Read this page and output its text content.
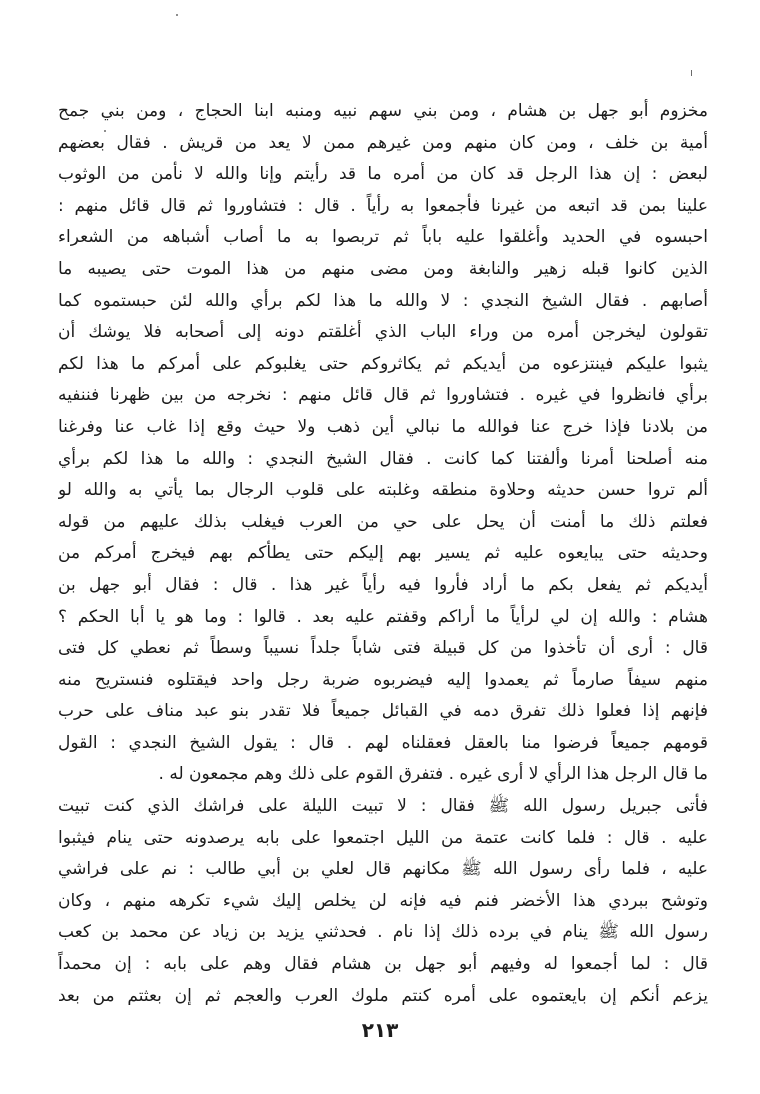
مخزوم أبو جهل بن هشام ، ومن بني سهم نبيه ومنبه ابنا الحجاج ، ومن بني جمح
أمية بن خلف ، ومن كان منهم ومن غيرهم ممن لا يعد من قريش . فقال بعضهم
لبعض : إن هذا الرجل قد كان من أمره ما قد رأيتم وإنا والله لا نأمن من الوثوب
علينا بمن قد اتبعه من غيرنا فأجمعوا به رأياً . قال : فتشاوروا ثم قال قائل منهم :
احبسوه في الحديد وأغلقوا عليه باباً ثم تربصوا به ما أصاب أشباهه من الشعراء
الذين كانوا قبله زهير والنابغة ومن مضى منهم من هذا الموت حتى يصيبه ما
أصابهم . فقال الشيخ النجدي : لا والله ما هذا لكم برأي والله لئن حبستموه كما
تقولون ليخرجن أمره من وراء الباب الذي أغلقتم دونه إلى أصحابه فلا يوشك أن
يثبوا عليكم فينتزعوه من أيديكم ثم يكاثروكم حتى يغلبوكم على أمركم ما هذا لكم
برأي فانظروا في غيره . فتشاوروا ثم قال قائل منهم : نخرجه من بين ظهرنا فننفيه
من بلادنا فإذا خرج عنا فوالله ما نبالي أين ذهب ولا حيث وقع إذا غاب عنا وفرغنا
منه أصلحنا أمرنا وألفتنا كما كانت . فقال الشيخ النجدي : والله ما هذا لكم برأي
ألم تروا حسن حديثه وحلاوة منطقه وغلبته على قلوب الرجال بما يأتي به والله لو
فعلتم ذلك ما أمنت أن يحل على حي من العرب فيغلب بذلك عليهم من قوله
وحديثه حتى يبايعوه عليه ثم يسير بهم إليكم حتى يطأكم بهم فيخرج أمركم من
أيديكم ثم يفعل بكم ما أراد فأروا فيه رأياً غير هذا . قال : فقال أبو جهل بن
هشام : والله إن لي لرأياً ما أراكم وقفتم عليه بعد . قالوا : وما هو يا أبا الحكم ؟
قال : أرى أن تأخذوا من كل قبيلة فتى شاباً جلداً نسيباً وسطاً ثم نعطي كل فتى
منهم سيفاً صارماً ثم يعمدوا إليه فيضربوه ضربة رجل واحد فيقتلوه فنستريح منه
فإنهم إذا فعلوا ذلك تفرق دمه في القبائل جميعاً فلا تقدر بنو عبد مناف على حرب
قومهم جميعاً فرضوا منا بالعقل فعقلناه لهم . قال : يقول الشيخ النجدي : القول
ما قال الرجل هذا الرأي لا أرى غيره . فتفرق القوم على ذلك وهم مجمعون له .
فأتى جبريل رسول الله ﷺ فقال : لا تبيت الليلة على فراشك الذي كنت تبيت
عليه . قال : فلما كانت عتمة من الليل اجتمعوا على بابه يرصدونه حتى ينام فيثبوا
عليه ، فلما رأى رسول الله ﷺ مكانهم قال لعلي بن أبي طالب : نم على فراشي
وتوشح ببردي هذا الأخضر فنم فيه فإنه لن يخلص إليك شيء تكرهه منهم ، وكان
رسول الله ﷺ ينام في برده ذلك إذا نام . فحدثني يزيد بن زياد عن محمد بن كعب
قال : لما أجمعوا له وفيهم أبو جهل بن هشام فقال وهم على بابه : إن محمداً
يزعم أنكم إن بايعتموه على أمره كنتم ملوك العرب والعجم ثم إن بعثتم من بعد
٢١٣
